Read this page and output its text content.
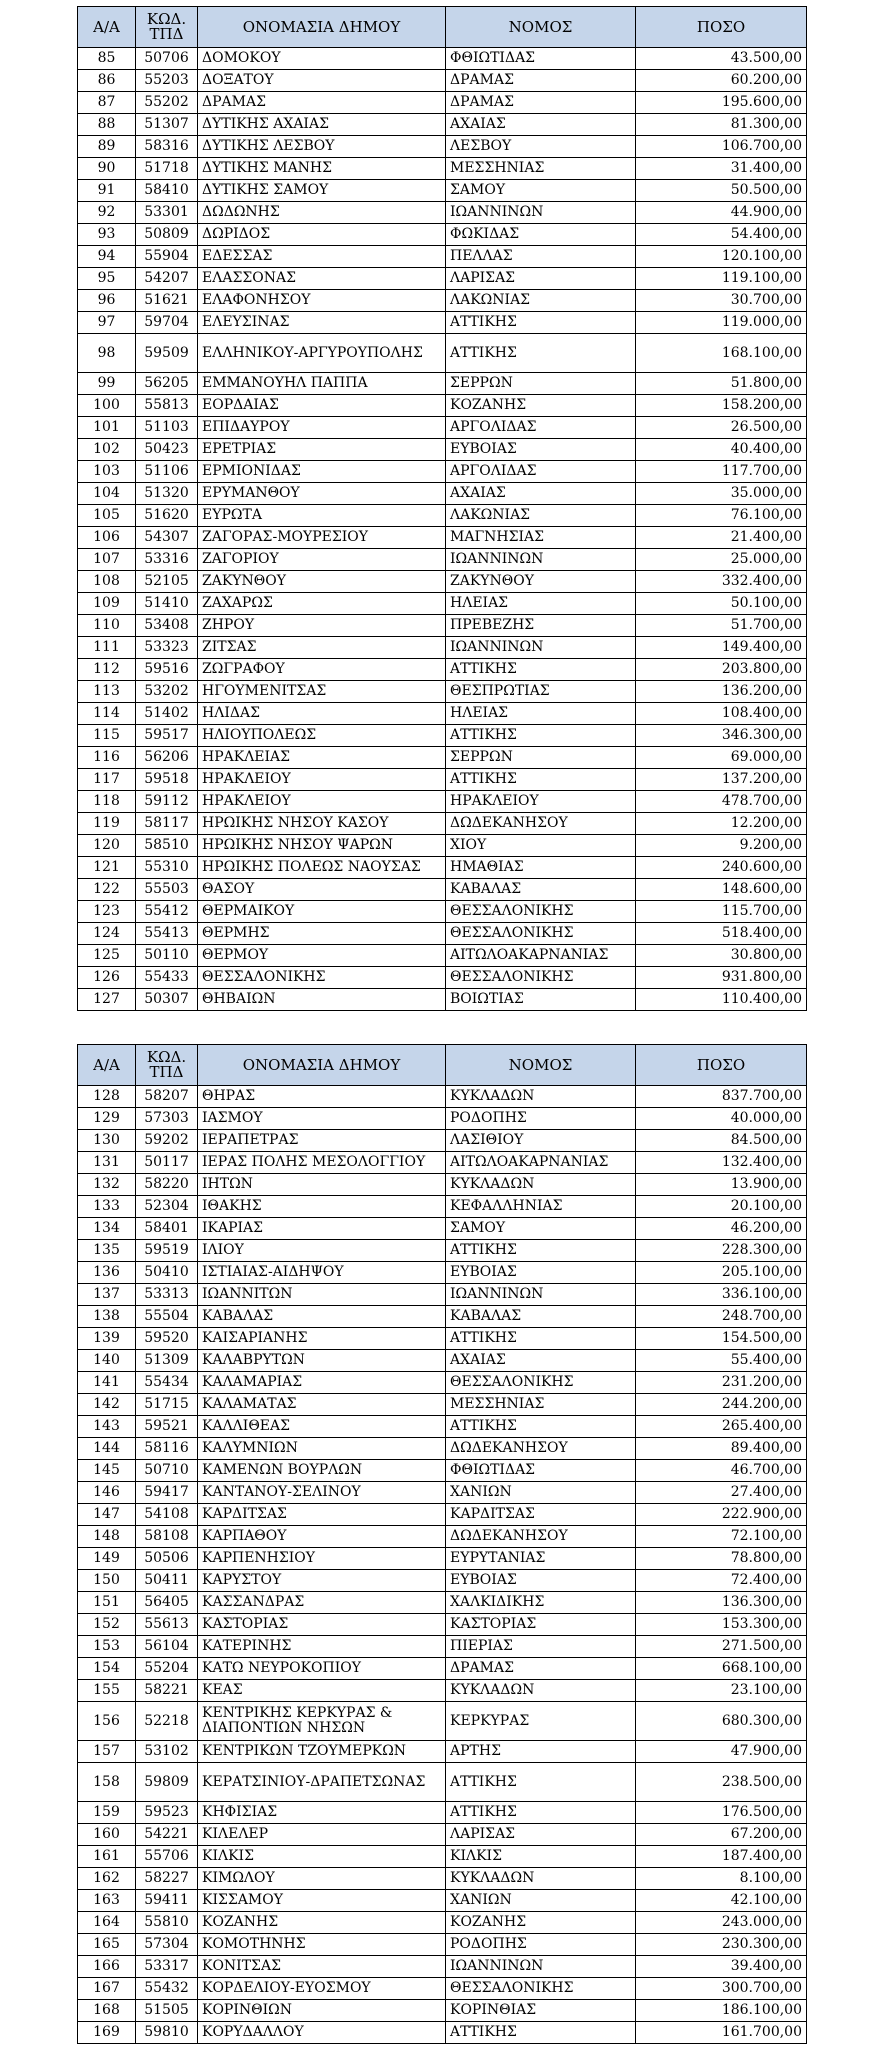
Α/Α	ΚΩΔ. ΤΠΔ	ΟΝΟΜΑΣΙΑ ΔΗΜΟΥ	ΝΟΜΟΣ	ΠΟΣΟ
85	50706	ΔΟΜΟΚΟΥ	ΦΘΙΩΤΙΔΑΣ	43.500,00
86	55203	ΔΟΞΑΤΟΥ	ΔΡΑΜΑΣ	60.200,00
87	55202	ΔΡΑΜΑΣ	ΔΡΑΜΑΣ	195.600,00
88	51307	ΔΥΤΙΚΗΣ ΑΧΑΙΑΣ	ΑΧΑΙΑΣ	81.300,00
89	58316	ΔΥΤΙΚΗΣ ΛΕΣΒΟΥ	ΛΕΣΒΟΥ	106.700,00
90	51718	ΔΥΤΙΚΗΣ ΜΑΝΗΣ	ΜΕΣΣΗΝΙΑΣ	31.400,00
91	58410	ΔΥΤΙΚΗΣ ΣΑΜΟΥ	ΣΑΜΟΥ	50.500,00
92	53301	ΔΩΔΩΝΗΣ	ΙΩΑΝΝΙΝΩΝ	44.900,00
93	50809	ΔΩΡΙΔΟΣ	ΦΩΚΙΔΑΣ	54.400,00
94	55904	ΕΔΕΣΣΑΣ	ΠΕΛΛΑΣ	120.100,00
95	54207	ΕΛΑΣΣΟΝΑΣ	ΛΑΡΙΣΑΣ	119.100,00
96	51621	ΕΛΑΦΟΝΗΣΟΥ	ΛΑΚΩΝΙΑΣ	30.700,00
97	59704	ΕΛΕΥΣΙΝΑΣ	ΑΤΤΙΚΗΣ	119.000,00
98	59509	ΕΛΛΗΝΙΚΟΥ-ΑΡΓΥΡΟΥΠΟΛΗΣ	ΑΤΤΙΚΗΣ	168.100,00
99	56205	ΕΜΜΑΝΟΥΗΛ ΠΑΠΠΑ	ΣΕΡΡΩΝ	51.800,00
100	55813	ΕΟΡΔΑΙΑΣ	ΚΟΖΑΝΗΣ	158.200,00
101	51103	ΕΠΙΔΑΥΡΟΥ	ΑΡΓΟΛΙΔΑΣ	26.500,00
102	50423	ΕΡΕΤΡΙΑΣ	ΕΥΒΟΙΑΣ	40.400,00
103	51106	ΕΡΜΙΟΝΙΔΑΣ	ΑΡΓΟΛΙΔΑΣ	117.700,00
104	51320	ΕΡΥΜΑΝΘΟΥ	ΑΧΑΙΑΣ	35.000,00
105	51620	ΕΥΡΩΤΑ	ΛΑΚΩΝΙΑΣ	76.100,00
106	54307	ΖΑΓΟΡΑΣ-ΜΟΥΡΕΣΙΟΥ	ΜΑΓΝΗΣΙΑΣ	21.400,00
107	53316	ΖΑΓΟΡΙΟΥ	ΙΩΑΝΝΙΝΩΝ	25.000,00
108	52105	ΖΑΚΥΝΘΟΥ	ΖΑΚΥΝΘΟΥ	332.400,00
109	51410	ΖΑΧΑΡΩΣ	ΗΛΕΙΑΣ	50.100,00
110	53408	ΖΗΡΟΥ	ΠΡΕΒΕΖΗΣ	51.700,00
111	53323	ΖΙΤΣΑΣ	ΙΩΑΝΝΙΝΩΝ	149.400,00
112	59516	ΖΩΓΡΑΦΟΥ	ΑΤΤΙΚΗΣ	203.800,00
113	53202	ΗΓΟΥΜΕΝΙΤΣΑΣ	ΘΕΣΠΡΩΤΙΑΣ	136.200,00
114	51402	ΗΛΙΔΑΣ	ΗΛΕΙΑΣ	108.400,00
115	59517	ΗΛΙΟΥΠΟΛΕΩΣ	ΑΤΤΙΚΗΣ	346.300,00
116	56206	ΗΡΑΚΛΕΙΑΣ	ΣΕΡΡΩΝ	69.000,00
117	59518	ΗΡΑΚΛΕΙΟΥ	ΑΤΤΙΚΗΣ	137.200,00
118	59112	ΗΡΑΚΛΕΙΟΥ	ΗΡΑΚΛΕΙΟΥ	478.700,00
119	58117	ΗΡΩΙΚΗΣ ΝΗΣΟΥ ΚΑΣΟΥ	ΔΩΔΕΚΑΝΗΣΟΥ	12.200,00
120	58510	ΗΡΩΙΚΗΣ ΝΗΣΟΥ ΨΑΡΩΝ	ΧΙΟΥ	9.200,00
121	55310	ΗΡΩΙΚΗΣ ΠΟΛΕΩΣ ΝΑΟΥΣΑΣ	ΗΜΑΘΙΑΣ	240.600,00
122	55503	ΘΑΣΟΥ	ΚΑΒΑΛΑΣ	148.600,00
123	55412	ΘΕΡΜΑΙΚΟΥ	ΘΕΣΣΑΛΟΝΙΚΗΣ	115.700,00
124	55413	ΘΕΡΜΗΣ	ΘΕΣΣΑΛΟΝΙΚΗΣ	518.400,00
125	50110	ΘΕΡΜΟΥ	ΑΙΤΩΛΟΑΚΑΡΝΑΝΙΑΣ	30.800,00
126	55433	ΘΕΣΣΑΛΟΝΙΚΗΣ	ΘΕΣΣΑΛΟΝΙΚΗΣ	931.800,00
127	50307	ΘΗΒΑΙΩΝ	ΒΟΙΩΤΙΑΣ	110.400,00
Α/Α	ΚΩΔ. ΤΠΔ	ΟΝΟΜΑΣΙΑ ΔΗΜΟΥ	ΝΟΜΟΣ	ΠΟΣΟ
128	58207	ΘΗΡΑΣ	ΚΥΚΛΑΔΩΝ	837.700,00
129	57303	ΙΑΣΜΟΥ	ΡΟΔΟΠΗΣ	40.000,00
130	59202	ΙΕΡΑΠΕΤΡΑΣ	ΛΑΣΙΘΙΟΥ	84.500,00
131	50117	ΙΕΡΑΣ ΠΟΛΗΣ ΜΕΣΟΛΟΓΓΙΟΥ	ΑΙΤΩΛΟΑΚΑΡΝΑΝΙΑΣ	132.400,00
132	58220	ΙΗΤΩΝ	ΚΥΚΛΑΔΩΝ	13.900,00
133	52304	ΙΘΑΚΗΣ	ΚΕΦΑΛΛΗΝΙΑΣ	20.100,00
134	58401	ΙΚΑΡΙΑΣ	ΣΑΜΟΥ	46.200,00
135	59519	ΙΛΙΟΥ	ΑΤΤΙΚΗΣ	228.300,00
136	50410	ΙΣΤΙΑΙΑΣ-ΑΙΔΗΨΟΥ	ΕΥΒΟΙΑΣ	205.100,00
137	53313	ΙΩΑΝΝΙΤΩΝ	ΙΩΑΝΝΙΝΩΝ	336.100,00
138	55504	ΚΑΒΑΛΑΣ	ΚΑΒΑΛΑΣ	248.700,00
139	59520	ΚΑΙΣΑΡΙΑΝΗΣ	ΑΤΤΙΚΗΣ	154.500,00
140	51309	ΚΑΛΑΒΡΥΤΩΝ	ΑΧΑΙΑΣ	55.400,00
141	55434	ΚΑΛΑΜΑΡΙΑΣ	ΘΕΣΣΑΛΟΝΙΚΗΣ	231.200,00
142	51715	ΚΑΛΑΜΑΤΑΣ	ΜΕΣΣΗΝΙΑΣ	244.200,00
143	59521	ΚΑΛΛΙΘΕΑΣ	ΑΤΤΙΚΗΣ	265.400,00
144	58116	ΚΑΛΥΜΝΙΩΝ	ΔΩΔΕΚΑΝΗΣΟΥ	89.400,00
145	50710	ΚΑΜΕΝΩΝ ΒΟΥΡΛΩΝ	ΦΘΙΩΤΙΔΑΣ	46.700,00
146	59417	ΚΑΝΤΑΝΟΥ-ΣΕΛΙΝΟΥ	ΧΑΝΙΩΝ	27.400,00
147	54108	ΚΑΡΔΙΤΣΑΣ	ΚΑΡΔΙΤΣΑΣ	222.900,00
148	58108	ΚΑΡΠΑΘΟΥ	ΔΩΔΕΚΑΝΗΣΟΥ	72.100,00
149	50506	ΚΑΡΠΕΝΗΣΙΟΥ	ΕΥΡΥΤΑΝΙΑΣ	78.800,00
150	50411	ΚΑΡΥΣΤΟΥ	ΕΥΒΟΙΑΣ	72.400,00
151	56405	ΚΑΣΣΑΝΔΡΑΣ	ΧΑΛΚΙΔΙΚΗΣ	136.300,00
152	55613	ΚΑΣΤΟΡΙΑΣ	ΚΑΣΤΟΡΙΑΣ	153.300,00
153	56104	ΚΑΤΕΡΙΝΗΣ	ΠΙΕΡΙΑΣ	271.500,00
154	55204	ΚΑΤΩ ΝΕΥΡΟΚΟΠΙΟΥ	ΔΡΑΜΑΣ	668.100,00
155	58221	ΚΕΑΣ	ΚΥΚΛΑΔΩΝ	23.100,00
156	52218	ΚΕΝΤΡΙΚΗΣ ΚΕΡΚΥΡΑΣ & ΔΙΑΠΟΝΤΙΩΝ ΝΗΣΩΝ	ΚΕΡΚΥΡΑΣ	680.300,00
157	53102	ΚΕΝΤΡΙΚΩΝ ΤΖΟΥΜΕΡΚΩΝ	ΑΡΤΗΣ	47.900,00
158	59809	ΚΕΡΑΤΣΙΝΙΟΥ-ΔΡΑΠΕΤΣΩΝΑΣ	ΑΤΤΙΚΗΣ	238.500,00
159	59523	ΚΗΦΙΣΙΑΣ	ΑΤΤΙΚΗΣ	176.500,00
160	54221	ΚΙΛΕΛΕΡ	ΛΑΡΙΣΑΣ	67.200,00
161	55706	ΚΙΛΚΙΣ	ΚΙΛΚΙΣ	187.400,00
162	58227	ΚΙΜΩΛΟΥ	ΚΥΚΛΑΔΩΝ	8.100,00
163	59411	ΚΙΣΣΑΜΟΥ	ΧΑΝΙΩΝ	42.100,00
164	55810	ΚΟΖΑΝΗΣ	ΚΟΖΑΝΗΣ	243.000,00
165	57304	ΚΟΜΟΤΗΝΗΣ	ΡΟΔΟΠΗΣ	230.300,00
166	53317	ΚΟΝΙΤΣΑΣ	ΙΩΑΝΝΙΝΩΝ	39.400,00
167	55432	ΚΟΡΔΕΛΙΟΥ-ΕΥΟΣΜΟΥ	ΘΕΣΣΑΛΟΝΙΚΗΣ	300.700,00
168	51505	ΚΟΡΙΝΘΙΩΝ	ΚΟΡΙΝΘΙΑΣ	186.100,00
169	59810	ΚΟΡΥΔΑΛΛΟΥ	ΑΤΤΙΚΗΣ	161.700,00
